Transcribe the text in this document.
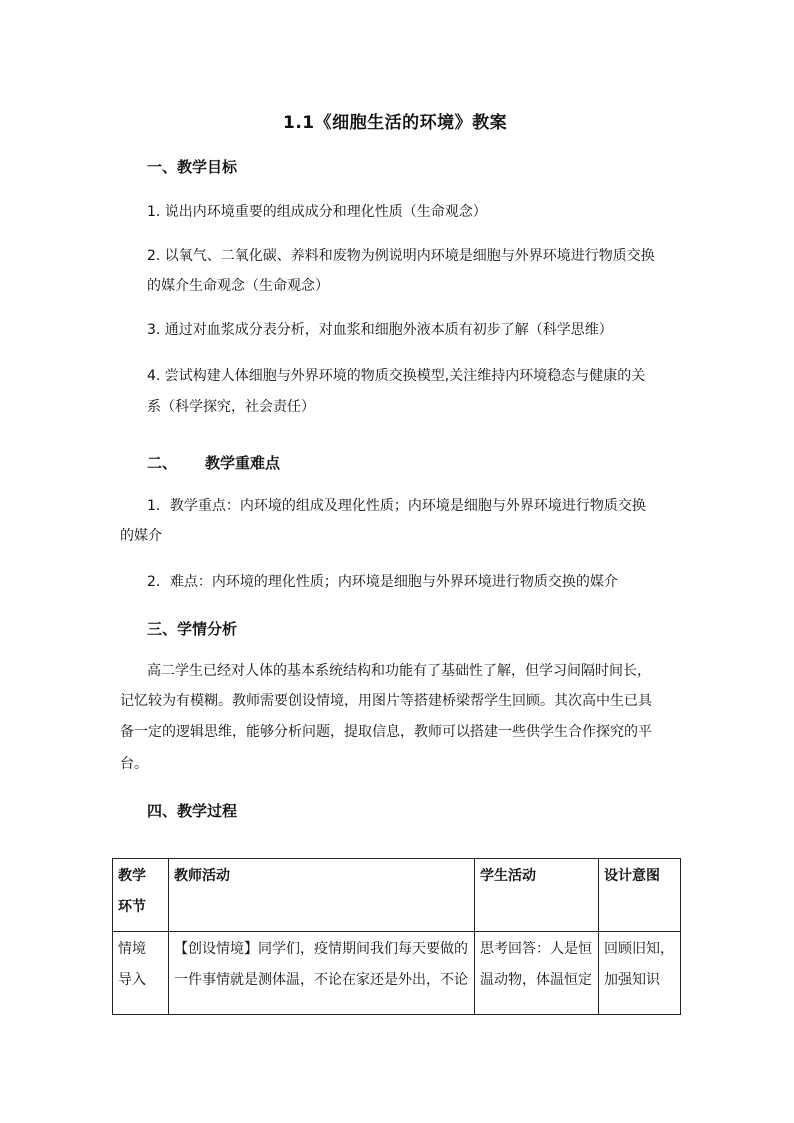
1.1《细胞生活的环境》教案
一、教学目标
1. 说出内环境重要的组成成分和理化性质（生命观念）
2. 以氧气、二氧化碳、养料和废物为例说明内环境是细胞与外界环境进行物质交换
的媒介生命观念（生命观念）
3. 通过对血浆成分表分析，对血浆和细胞外液本质有初步了解（科学思维）
4. 尝试构建人体细胞与外界环境的物质交换模型,关注维持内环境稳态与健康的关
系（科学探究，社会责任）
二、 教学重难点
1．教学重点：内环境的组成及理化性质；内环境是细胞与外界环境进行物质交换
的媒介
2．难点：内环境的理化性质；内环境是细胞与外界环境进行物质交换的媒介
三、学情分析
高二学生已经对人体的基本系统结构和功能有了基础性了解，但学习间隔时间长，
记忆较为有模糊。教师需要创设情境，用图片等搭建桥梁帮学生回顾。其次高中生已具
备一定的逻辑思维，能够分析问题，提取信息，教师可以搭建一些供学生合作探究的平
台。
四、教学过程
教学
环节	教师活动	学生活动	设计意图

情境
导入	【创设情境】同学们，疫情期间我们每天要做的
一件事情就是测体温，不论在家还是外出，不论	思考回答：人是恒
温动物，体温恒定	回顾旧知，
加强知识
